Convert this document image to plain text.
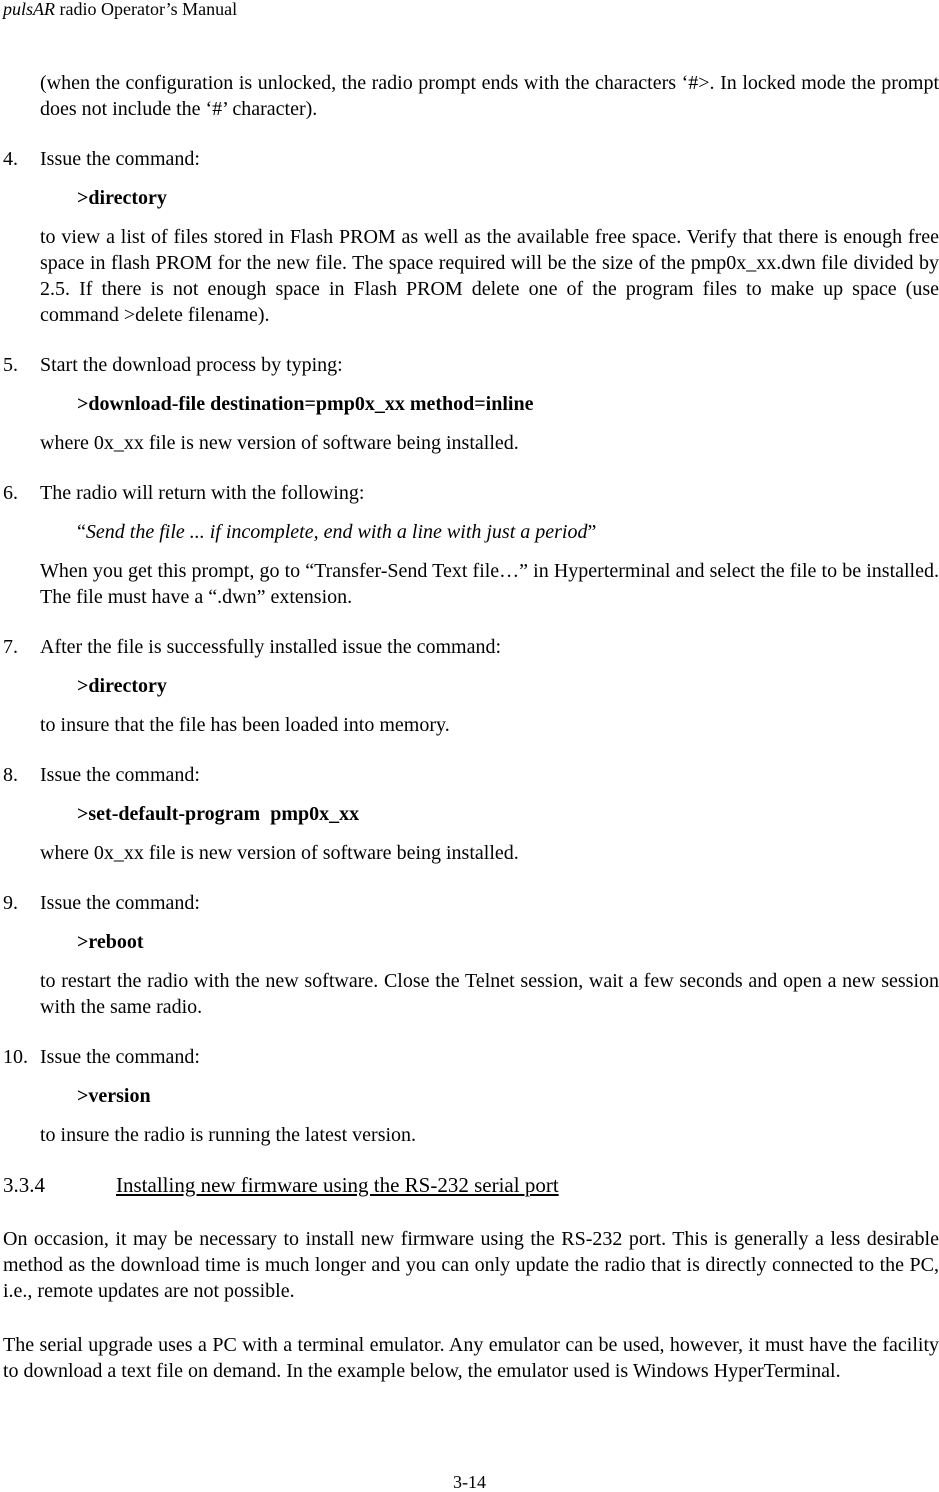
pulsAR radio Operator’s Manual

(when the configuration is unlocked, the radio prompt ends with the characters ‘#>. In locked mode the prompt does not include the ‘#’ character).

4.	Issue the command:
>directory

to view a list of files stored in Flash PROM as well as the available free space. Verify that there is enough free space in flash PROM for the new file. The space required will be the size of the pmp0x_xx.dwn file divided by 2.5. If there is not enough space in Flash PROM delete one of the program files to make up space (use command >delete filename).

5.	Start the download process by typing:
>download-file destination=pmp0x_xx method=inline

where 0x_xx file is new version of software being installed.

6.	The radio will return with the following:
“Send the file ... if incomplete, end with a line with just a period”

When you get this prompt, go to “Transfer-Send Text file…” in Hyperterminal and select the file to be installed. The file must have a “.dwn” extension.

7.	After the file is successfully installed issue the command:
>directory

to insure that the file has been loaded into memory.

8.	Issue the command:
>set-default-program  pmp0x_xx

where 0x_xx file is new version of software being installed.

9.	Issue the command:
>reboot

to restart the radio with the new software. Close the Telnet session, wait a few seconds and open a new session with the same radio.

10. Issue the command:
>version

to insure the radio is running the latest version.

3.3.4	Installing new firmware using the RS-232 serial port

On occasion, it may be necessary to install new firmware using the RS-232 port. This is generally a less desirable method as the download time is much longer and you can only update the radio that is directly connected to the PC, i.e., remote updates are not possible.

The serial upgrade uses a PC with a terminal emulator. Any emulator can be used, however, it must have the facility to download a text file on demand. In the example below, the emulator used is Windows HyperTerminal.

3-14
